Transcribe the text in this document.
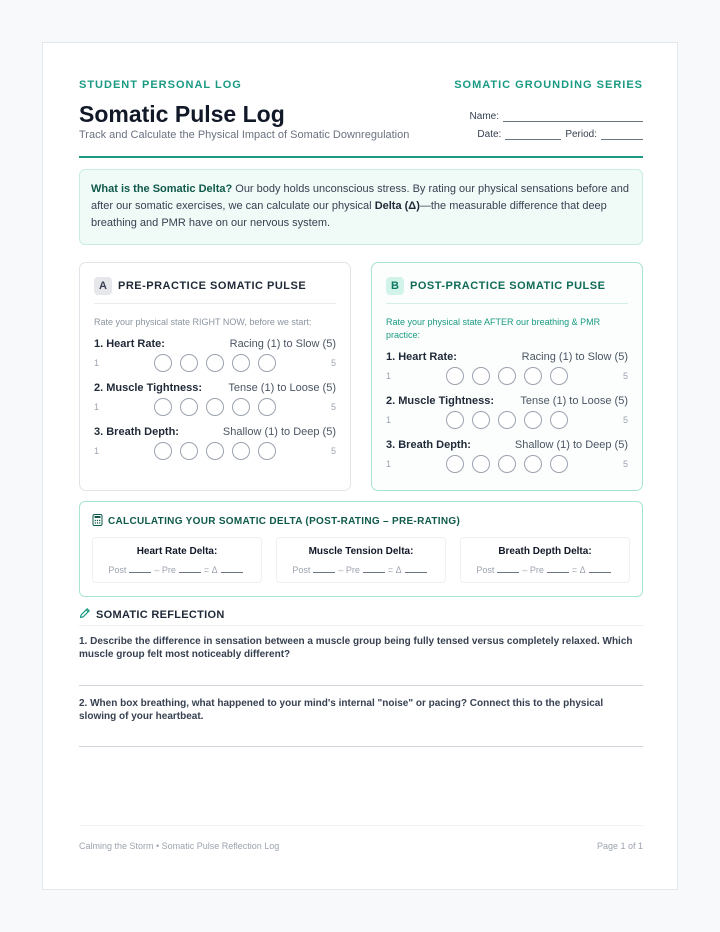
STUDENT PERSONAL LOG	SOMATIC GROUNDING SERIES
Somatic Pulse Log
Track and Calculate the Physical Impact of Somatic Downregulation
Name:
Date:	Period:
What is the Somatic Delta? Our body holds unconscious stress. By rating our physical sensations before and after our somatic exercises, we can calculate our physical Delta (Δ)—the measurable difference that deep breathing and PMR have on our nervous system.
A	PRE-PRACTICE SOMATIC PULSE
Rate your physical state RIGHT NOW, before we start:
1. Heart Rate:	Racing (1) to Slow (5)
1	5
2. Muscle Tightness: Tense (1) to Loose (5)
1	5
3. Breath Depth:	Shallow (1) to Deep (5)
1	5
B	POST-PRACTICE SOMATIC PULSE
Rate your physical state AFTER our breathing & PMR practice:
1. Heart Rate:	Racing (1) to Slow (5)
1	5
2. Muscle Tightness: Tense (1) to Loose (5)
1	5
3. Breath Depth:	Shallow (1) to Deep (5)
1	5
CALCULATING YOUR SOMATIC DELTA (POST-RATING – PRE-RATING)
Heart Rate Delta:
Post	– Pre	= Δ
Muscle Tension Delta:
Post	– Pre	= Δ
Breath Depth Delta:
Post	– Pre	= Δ
SOMATIC REFLECTION
1. Describe the difference in sensation between a muscle group being fully tensed versus completely relaxed. Which muscle group felt most noticeably different?
2. When box breathing, what happened to your mind's internal "noise" or pacing? Connect this to the physical slowing of your heartbeat.
Calming the Storm • Somatic Pulse Reflection Log	Page 1 of 1
